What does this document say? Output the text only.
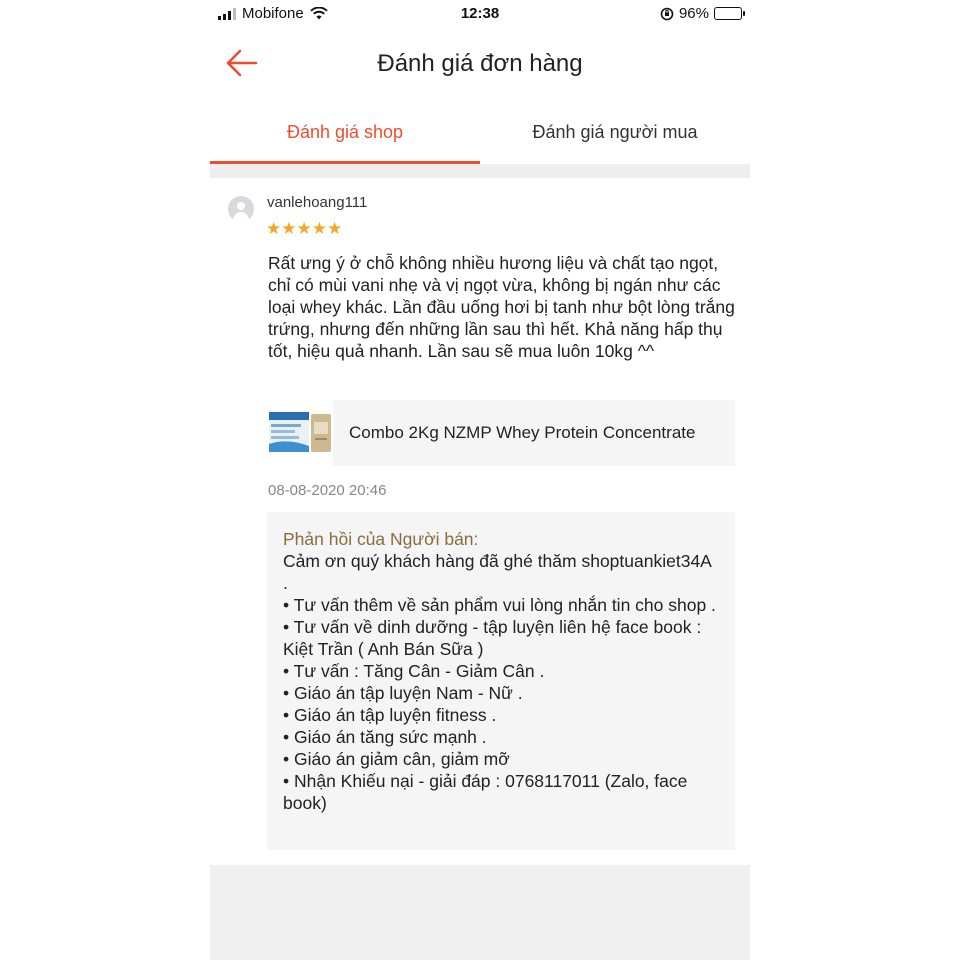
Mobifone	12:38	96%
Đánh giá đơn hàng
Đánh giá shop	Đánh giá người mua
vanlehoang111
★★★★★
Rất ưng ý ở chỗ không nhiều hương liệu và chất tạo ngọt, chỉ có mùi vani nhẹ và vị ngọt vừa, không bị ngán như các loại whey khác. Lần đầu uống hơi bị tanh như bột lòng trắng trứng, nhưng đến những lần sau thì hết. Khả năng hấp thụ tốt, hiệu quả nhanh. Lần sau sẽ mua luôn 10kg ^^
Combo 2Kg NZMP Whey Protein Concentrate
08-08-2020 20:46
Phản hồi của Người bán:
Cảm ơn quý khách hàng đã ghé thăm shoptuankiet34A .
• Tư vấn thêm về sản phẩm vui lòng nhắn tin cho shop .
• Tư vấn về dinh dưỡng - tập luyện liên hệ face book : Kiệt Trần ( Anh Bán Sữa )
• Tư vấn : Tăng Cân - Giảm Cân .
• Giáo án tập luyện Nam - Nữ .
• Giáo án tập luyện fitness .
• Giáo án tăng sức mạnh .
• Giáo án giảm cân, giảm mỡ
• Nhận Khiếu nại - giải đáp : 0768117011 (Zalo, face book)
